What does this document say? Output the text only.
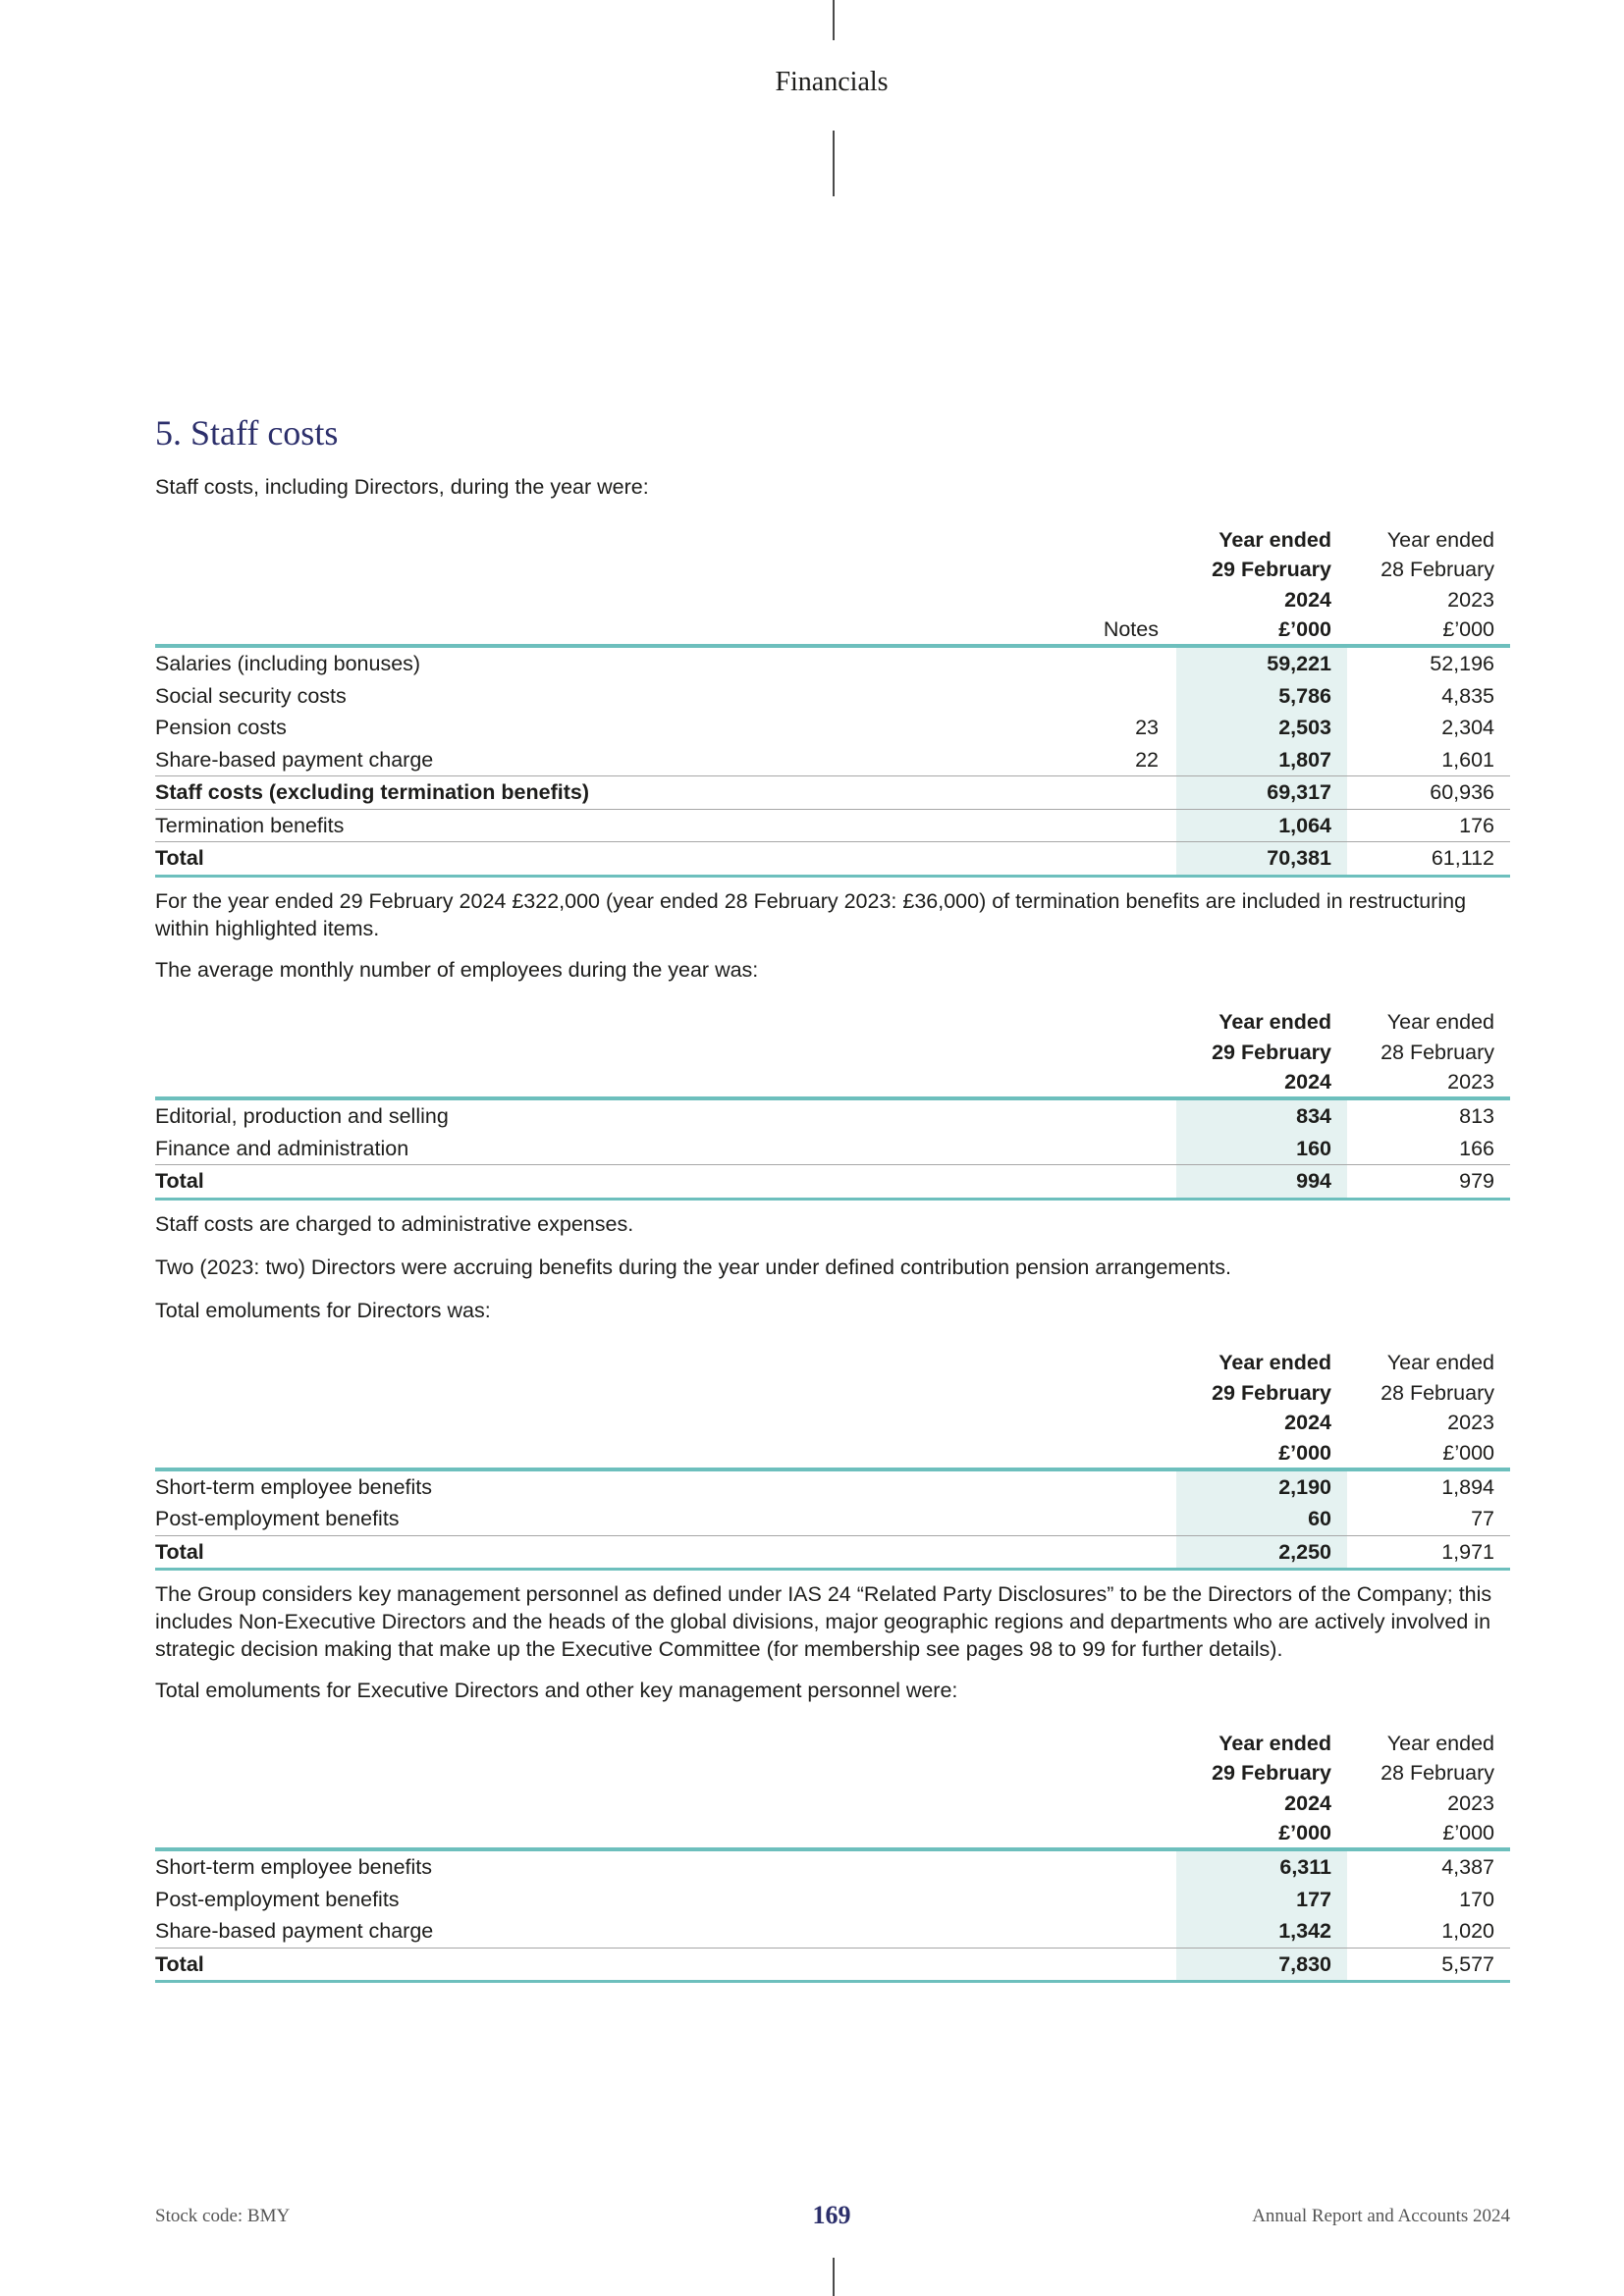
Financials
5. Staff costs

Staff costs, including Directors, during the year were:

		Year ended	Year ended
		29 February	28 February
		2024	2023
	Notes	£’000	£’000
Salaries (including bonuses)		59,221	52,196
Social security costs		5,786	4,835
Pension costs	23	2,503	2,304
Share-based payment charge	22	1,807	1,601
Staff costs (excluding termination benefits)		69,317	60,936
Termination benefits		1,064	176
Total		70,381	61,112

For the year ended 29 February 2024 £322,000 (year ended 28 February 2023: £36,000) of termination benefits are included in restructuring within highlighted items.

The average monthly number of employees during the year was:

	Year ended	Year ended
	29 February	28 February
	2024	2023
Editorial, production and selling	834	813
Finance and administration	160	166
Total	994	979

Staff costs are charged to administrative expenses.

Two (2023: two) Directors were accruing benefits during the year under defined contribution pension arrangements.

Total emoluments for Directors was:

	Year ended	Year ended
	29 February	28 February
	2024	2023
	£’000	£’000
Short-term employee benefits	2,190	1,894
Post-employment benefits	60	77
Total	2,250	1,971

The Group considers key management personnel as defined under IAS 24 “Related Party Disclosures” to be the Directors of the Company; this includes Non-Executive Directors and the heads of the global divisions, major geographic regions and departments who are actively involved in strategic decision making that make up the Executive Committee (for membership see pages 98 to 99 for further details).

Total emoluments for Executive Directors and other key management personnel were:

	Year ended	Year ended
	29 February	28 February
	2024	2023
	£’000	£’000
Short-term employee benefits	6,311	4,387
Post-employment benefits	177	170
Share-based payment charge	1,342	1,020
Total	7,830	5,577
Stock code: BMY	169	Annual Report and Accounts 2024
